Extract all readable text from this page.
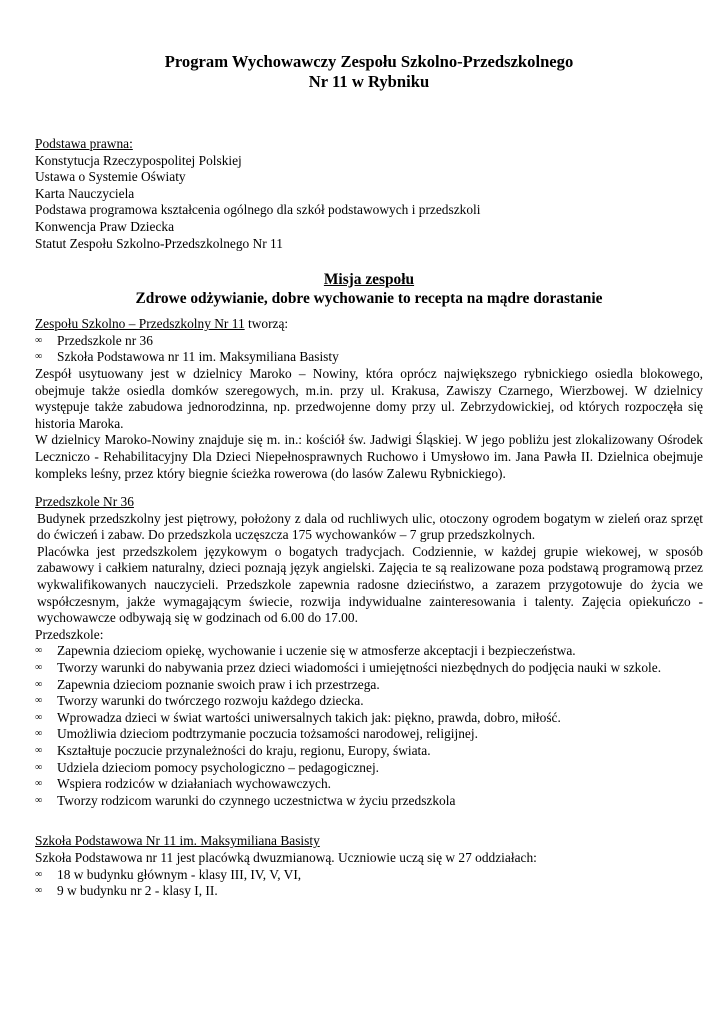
Program Wychowawczy Zespołu Szkolno-Przedszkolnego
Nr 11 w Rybniku
Podstawa prawna:
Konstytucja Rzeczypospolitej Polskiej
Ustawa o Systemie Oświaty
Karta Nauczyciela
Podstawa programowa kształcenia ogólnego dla szkół podstawowych i przedszkoli
Konwencja Praw Dziecka
Statut Zespołu Szkolno-Przedszkolnego Nr 11
Misja zespołu
Zdrowe odżywianie, dobre wychowanie to recepta na mądre dorastanie
Zespołu Szkolno – Przedszkolny Nr 11 tworzą:
∞ Przedszkole nr 36
∞ Szkoła Podstawowa nr 11 im. Maksymiliana Basisty
Zespół usytuowany jest w dzielnicy Maroko – Nowiny, która oprócz największego rybnickiego osiedla blokowego, obejmuje także osiedla domków szeregowych, m.in. przy ul. Krakusa, Zawiszy Czarnego, Wierzbowej. W dzielnicy występuje także zabudowa jednorodzinna, np. przedwojenne domy przy ul. Zebrzydowickiej, od których rozpoczęła się historia Maroka.
W dzielnicy Maroko-Nowiny znajduje się m. in.: kościół św. Jadwigi Śląskiej. W jego pobliżu jest zlokalizowany Ośrodek Leczniczo - Rehabilitacyjny Dla Dzieci Niepełnosprawnych Ruchowo i Umysłowo im. Jana Pawła II. Dzielnica obejmuje kompleks leśny, przez który biegnie ścieżka rowerowa (do lasów Zalewu Rybnickiego).
Przedszkole Nr 36
Budynek przedszkolny jest piętrowy, położony z dala od ruchliwych ulic, otoczony ogrodem bogatym w zieleń oraz sprzęt do ćwiczeń i zabaw. Do przedszkola uczęszcza 175 wychowanków – 7 grup przedszkolnych.
Placówka jest przedszkolem językowym o bogatych tradycjach. Codziennie, w każdej grupie wiekowej, w sposób zabawowy i całkiem naturalny, dzieci poznają język angielski. Zajęcia te są realizowane poza podstawą programową przez wykwalifikowanych nauczycieli. Przedszkole zapewnia radosne dzieciństwo, a zarazem przygotowuje do życia we współczesnym, jakże wymagającym świecie, rozwija indywidualne zainteresowania i talenty. Zajęcia opiekuńczo - wychowawcze odbywają się w godzinach od 6.00 do 17.00.
Przedszkole:
∞ Zapewnia dzieciom opiekę, wychowanie i uczenie się w atmosferze akceptacji i bezpieczeństwa.
∞ Tworzy warunki do nabywania przez dzieci wiadomości i umiejętności niezbędnych do podjęcia nauki w szkole.
∞ Zapewnia dzieciom poznanie swoich praw i ich przestrzega.
∞ Tworzy warunki do twórczego rozwoju każdego dziecka.
∞ Wprowadza dzieci w świat wartości uniwersalnych takich jak: piękno, prawda, dobro, miłość.
∞ Umożliwia dzieciom podtrzymanie poczucia tożsamości narodowej, religijnej.
∞ Kształtuje poczucie przynależności do kraju, regionu, Europy, świata.
∞ Udziela dzieciom pomocy psychologiczno – pedagogicznej.
∞ Wspiera rodziców w działaniach wychowawczych.
∞ Tworzy rodzicom warunki do czynnego uczestnictwa w życiu przedszkola
Szkoła Podstawowa Nr 11 im. Maksymiliana Basisty
Szkoła Podstawowa nr 11 jest placówką dwuzmianową. Uczniowie uczą się w 27 oddziałach:
∞ 18 w budynku głównym - klasy III, IV, V, VI,
∞ 9 w budynku nr 2 - klasy I, II.
